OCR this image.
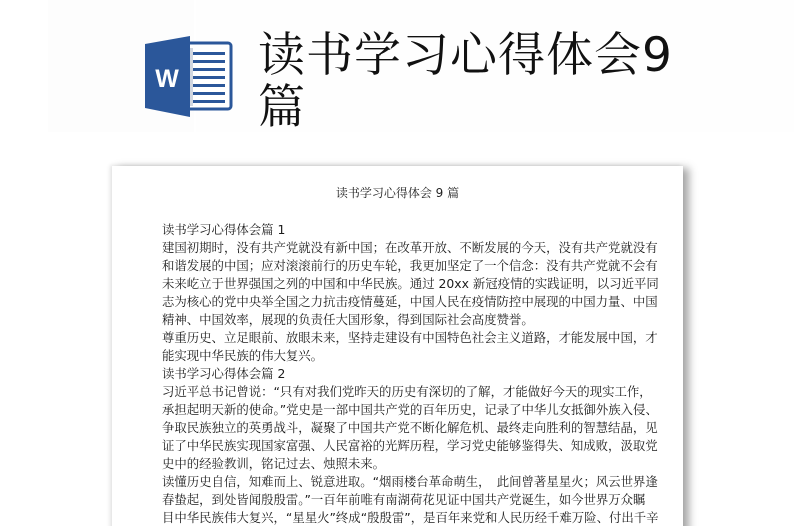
W 读书学习心得体会9篇
读书学习心得体会 9 篇
读书学习心得体会篇 1
建国初期时，没有共产党就没有新中国；在改革开放、不断发展的今天，没有共产党就没有
和谐发展的中国；应对滚滚前行的历史车轮，我更加坚定了一个信念：没有共产党就不会有
未来屹立于世界强国之列的中国和中华民族。通过 20xx 新冠疫情的实践证明，以习近平同
志为核心的党中央举全国之力抗击疫情蔓延，中国人民在疫情防控中展现的中国力量、中国
精神、中国效率，展现的负责任大国形象，得到国际社会高度赞誉。
尊重历史、立足眼前、放眼未来，坚持走建设有中国特色社会主义道路，才能发展中国，才
能实现中华民族的伟大复兴。
读书学习心得体会篇 2
习近平总书记曾说：“只有对我们党昨天的历史有深切的了解，才能做好今天的现实工作，
承担起明天新的使命。”党史是一部中国共产党的百年历史，记录了中华儿女抵御外族入侵、
争取民族独立的英勇战斗，凝聚了中国共产党不断化解危机、最终走向胜利的智慧结晶，见
证了中华民族实现国家富强、人民富裕的光辉历程，学习党史能够鉴得失、知成败，汲取党
史中的经验教训，铭记过去、烛照未来。
读懂历史自信，知难而上、锐意进取。“烟雨楼台革命萌生，　此间曾著星星火；风云世界逢
春蛰起，到处皆闻殷殷雷。”一百年前唯有南湖荷花见证中国共产党诞生，如今世界万众瞩
目中华民族伟大复兴，“星星火”终成“殷殷雷”，是百年来党和人民历经千难万险、付出千辛
